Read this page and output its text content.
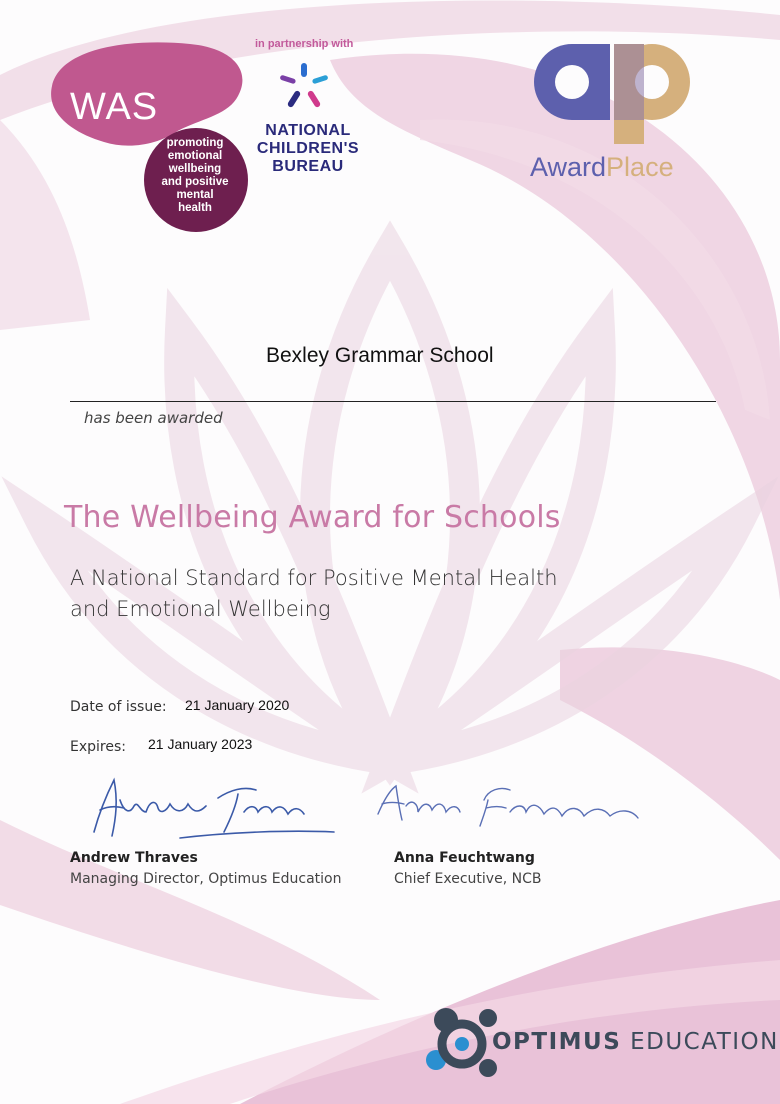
WAS
promoting
emotional
wellbeing
and positive
mental
health
in partnership with
NATIONAL
CHILDREN'S
BUREAU	AwardPlace
Bexley Grammar School
has been awarded
The Wellbeing Award for Schools
A National Standard for Positive Mental Health
and Emotional Wellbeing
Date of issue: 21 January 2020
Expires: 21 January 2023
Andrew Thraves
Managing Director, Optimus Education
Anna Feuchtwang
Chief Executive, NCB
OPTIMUS EDUCATION
